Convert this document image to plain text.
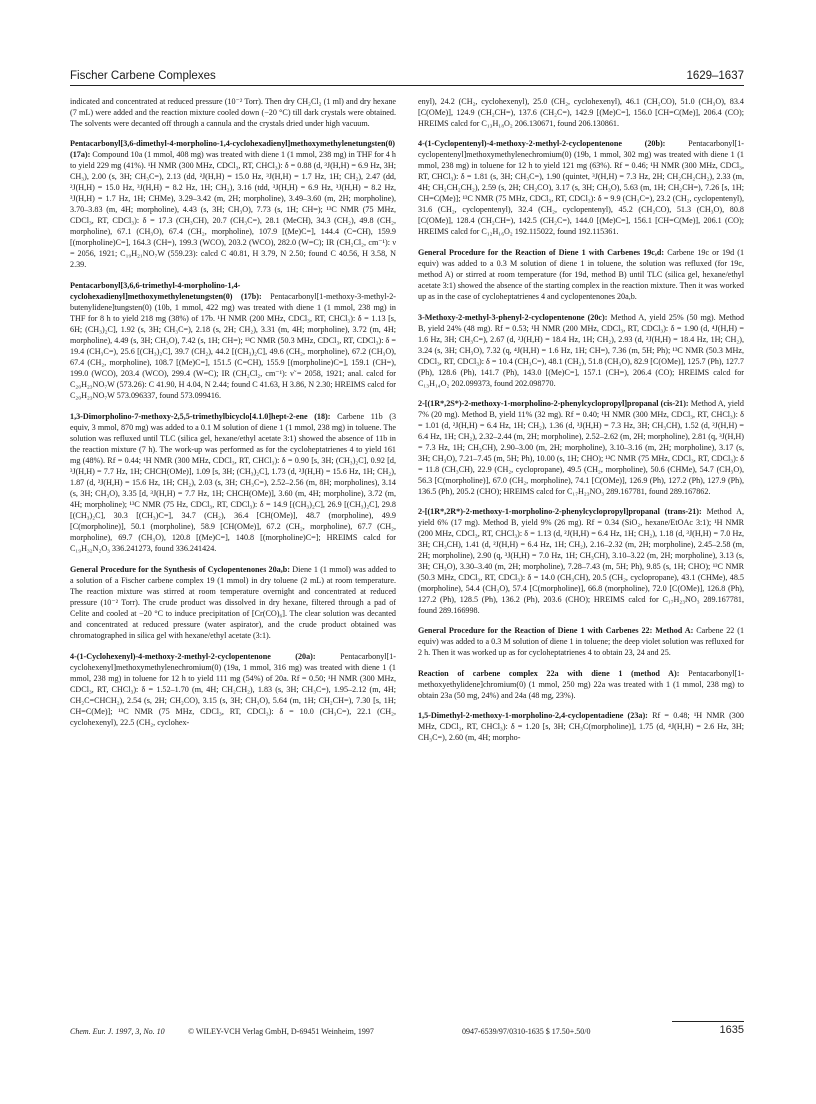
Fischer Carbene Complexes	1629–1637

indicated and concentrated at reduced pressure (10⁻² Torr). Then dry CH₂Cl₂ (1 ml) and dry hexane (7 mL) were added and the reaction mixture cooled down (−20 °C) till dark crystals were obtained. The solvents were decanted off through a cannula and the crystals dried under high vacuum.

Pentacarbonyl[3,6-dimethyl-4-morpholino-1,4-cyclohexadienyl]methoxymethylenetungsten(0) (17a): Compound 10a (1 mmol, 408 mg) was treated with diene 1 (1 mmol, 238 mg) in THF for 4 h to yield 229 mg (41%). ¹H NMR (300 MHz, CDCl₃, RT, CHCl₃): δ = 0.88 (d, ³J(H,H) = 6.9 Hz, 3H; CH₃), 2.00 (s, 3H; CH₃C=), 2.13 (dd, ²J(H,H) = 15.0 Hz, ³J(H,H) = 1.7 Hz, 1H; CH₂), 2.47 (dd, ²J(H,H) = 15.0 Hz, ³J(H,H) = 8.2 Hz, 1H; CH₂), 3.16 (tdd, ³J(H,H) = 6.9 Hz, ³J(H,H) = 8.2 Hz, ³J(H,H) = 1.7 Hz, 1H; CHMe), 3.29–3.42 (m, 2H; morpholine), 3.49–3.60 (m, 2H; morpholine), 3.70–3.83 (m, 4H; morpholine), 4.43 (s, 3H; CH₃O), 7.73 (s, 1H; CH=); ¹³C NMR (75 MHz, CDCl₃, RT, CDCl₃): δ = 17.3 (CH₃CH), 20.7 (CH₃C=), 28.1 (MeCH), 34.3 (CH₂), 49.8 (CH₂, morpholine), 67.1 (CH₃O), 67.4 (CH₂, morpholine), 107.9 [(Me)C=], 144.4 (C=CH), 159.9 [(morpholine)C=], 164.3 (CH=), 199.3 (WCO), 203.2 (WCO), 282.0 (W=C); IR (CH₂Cl₂, cm⁻¹): ν̃ = 2056, 1921; C₁₉H₂₁NO₇W (559.23): calcd C 40.81, H 3.79, N 2.50; found C 40.56, H 3.58, N 2.39.

Pentacarbonyl[3,6,6-trimethyl-4-morpholino-1,4-cyclohexadienyl]methoxymethylenetungsten(0) (17b): Pentacarbonyl[1-methoxy-3-methyl-2-butenylidene]tungsten(0) (10b, 1 mmol, 422 mg) was treated with diene 1 (1 mmol, 238 mg) in THF for 8 h to yield 218 mg (38%) of 17b. ¹H NMR (200 MHz, CDCl₃, RT, CHCl₃): δ = 1.13 [s, 6H; (CH₃)₂C], 1.92 (s, 3H; CH₃C=), 2.18 (s, 2H; CH₂), 3.31 (m, 4H; morpholine), 3.72 (m, 4H; morpholine), 4.49 (s, 3H; CH₃O), 7.42 (s, 1H; CH=); ¹³C NMR (50.3 MHz, CDCl₃, RT, CDCl₃): δ = 19.4 (CH₃C=), 25.6 [(CH₃)₂C], 39.7 (CH₂), 44.2 [(CH₃)₂C], 49.6 (CH₂, morpholine), 67.2 (CH₃O), 67.4 (CH₂, morpholine), 108.7 [(Me)C=], 151.5 (C=CH), 155.9 [(morpholine)C=], 159.1 (CH=), 199.0 (WCO), 203.4 (WCO), 299.4 (W=C); IR (CH₂Cl₂, cm⁻¹): ν̃ = 2058, 1921; anal. calcd for C₂₀H₂₃NO₇W (573.26): C 41.90, H 4.04, N 2.44; found C 41.63, H 3.86, N 2.30; HREIMS calcd for C₂₀H₂₃NO₇W 573.096337, found 573.099416.

1,3-Dimorpholino-7-methoxy-2,5,5-trimethylbicyclo[4.1.0]hept-2-ene (18): Carbene 11b (3 equiv, 3 mmol, 870 mg) was added to a 0.1 M solution of diene 1 (1 mmol, 238 mg) in toluene. The solution was refluxed until TLC (silica gel, hexane/ethyl acetate 3:1) showed the absence of 11b in the reaction mixture (7 h). The work-up was performed as for the cycloheptatrienes 4 to yield 161 mg (48%). Rf = 0.44; ¹H NMR (300 MHz, CDCl₃, RT, CHCl₃): δ = 0.90 [s, 3H; (CH₃)₂C], 0.92 [d, ³J(H,H) = 7.7 Hz, 1H; CHCH(OMe)], 1.09 [s, 3H; (CH₃)₂C], 1.73 (d, ²J(H,H) = 15.6 Hz, 1H; CH₂), 1.87 (d, ²J(H,H) = 15.6 Hz, 1H; CH₂), 2.03 (s, 3H; CH₃C=), 2.52–2.56 (m, 8H; morpholines), 3.14 (s, 3H; CH₃O), 3.35 [d, ³J(H,H) = 7.7 Hz, 1H; CHCH(OMe)], 3.60 (m, 4H; morpholine), 3.72 (m, 4H; morpholine); ¹³C NMR (75 Hz, CDCl₃, RT, CDCl₃): δ = 14.9 [(CH₃)₂C], 26.9 [(CH₃)₂C], 29.8 [(CH₃)₂C], 30.3 [(CH₃)C=], 34.7 (CH₂), 36.4 [CH(OMe)], 48.7 (morpholine), 49.9 [C(morpholine)], 50.1 (morpholine), 58.9 [CH(OMe)], 67.2 (CH₂, morpholine), 67.7 (CH₂, morpholine), 69.7 (CH₃O), 120.8 [(Me)C=], 140.8 [(morpholine)C=]; HREIMS calcd for C₁₉H₃₂N₂O₃ 336.241273, found 336.241424.

General Procedure for the Synthesis of Cyclopentenones 20a,b: Diene 1 (1 mmol) was added to a solution of a Fischer carbene complex 19 (1 mmol) in dry toluene (2 mL) at room temperature. The reaction mixture was stirred at room temperature overnight and concentrated at reduced pressure (10⁻² Torr). The crude product was dissolved in dry hexane, filtered through a pad of Celite and cooled at −20 °C to induce precipitation of [Cr(CO)₆]. The clear solution was decanted and concentrated at reduced pressure (water aspirator), and the crude product obtained was chromatographed in silica gel with hexane/ethyl acetate (3:1).

4-(1-Cyclohexenyl)-4-methoxy-2-methyl-2-cyclopentenone (20a):	Pentacarbonyl[1-cyclohexenyl]methoxymethylenechromium(0) (19a, 1 mmol, 316 mg) was treated with diene 1 (1 mmol, 238 mg) in toluene for 12 h to yield 111 mg (54%) of 20a. Rf = 0.50; ¹H NMR (300 MHz, CDCl₃, RT, CHCl₃): δ = 1.52–1.70 (m, 4H; CH₂CH₂), 1.83 (s, 3H; CH₃C=), 1.95–2.12 (m, 4H; CH₂C=CHCH₂), 2.54 (s, 2H; CH₂CO), 3.15 (s, 3H; CH₃O), 5.64 (m, 1H; CH₂CH=), 7.30 [s, 1H; CH=C(Me)]; ¹³C NMR (75 MHz, CDCl₃, RT, CDCl₃): δ = 10.0 (CH₃C=), 22.1 (CH₂, cyclohexenyl), 22.5 (CH₂, cyclohex-

enyl), 24.2 (CH₂, cyclohexenyl), 25.0 (CH₂, cyclohexenyl), 46.1 (CH₂CO), 51.0 (CH₃O), 83.4 [C(OMe)], 124.9 (CH₂CH=), 137.6 (CH₂C=), 142.9 [(Me)C=], 156.0 [CH=C(Me)], 206.4 (CO); HREIMS calcd for C₁₃H₁₈O₂ 206.130671, found 206.130861.

4-(1-Cyclopentenyl)-4-methoxy-2-methyl-2-cyclopentenone (20b):	Pentacarbonyl[1-cyclopentenyl]methoxymethylenechromium(0) (19b, 1 mmol, 302 mg) was treated with diene 1 (1 mmol, 238 mg) in toluene for 12 h to yield 121 mg (63%). Rf = 0.46; ¹H NMR (300 MHz, CDCl₃, RT, CHCl₃): δ = 1.81 (s, 3H; CH₃C=), 1.90 (quintet, ³J(H,H) = 7.3 Hz, 2H; CH₂CH₂CH₂), 2.33 (m, 4H; CH₂CH₂CH₂), 2.59 (s, 2H; CH₂CO), 3.17 (s, 3H; CH₃O), 5.63 (m, 1H; CH₂CH=), 7.26 [s, 1H; CH=C(Me)]; ¹³C NMR (75 MHz, CDCl₃, RT, CDCl₃): δ = 9.9 (CH₃C=), 23.2 (CH₂, cyclopentenyl), 31.6 (CH₂, cyclopentenyl), 32.4 (CH₂, cyclopentenyl), 45.2 (CH₂CO), 51.3 (CH₃O), 80.8 [C(OMe)], 128.4 (CH₂CH=), 142.5 (CH₂C=), 144.0 [(Me)C=], 156.1 [CH=C(Me)], 206.1 (CO); HREIMS calcd for C₁₂H₁₆O₂ 192.115022, found 192.115361.

General Procedure for the Reaction of Diene 1 with Carbenes 19c,d: Carbene 19c or 19d (1 equiv) was added to a 0.3 M solution of diene 1 in toluene, the solution was refluxed (for 19c, method A) or stirred at room temperature (for 19d, method B) until TLC (silica gel, hexane/ethyl acetate 3:1) showed the absence of the starting complex in the reaction mixture. Then it was worked up as in the case of cycloheptatrienes 4 and cyclopentenones 20a,b.

3-Methoxy-2-methyl-3-phenyl-2-cyclopentenone (20c): Method A, yield 25% (50 mg). Method B, yield 24% (48 mg). Rf = 0.53; ¹H NMR (200 MHz, CDCl₃, RT, CDCl₃): δ = 1.90 (d, ⁴J(H,H) = 1.6 Hz, 3H; CH₃C=), 2.67 (d, ²J(H,H) = 18.4 Hz, 1H; CH₂), 2.93 (d, ²J(H,H) = 18.4 Hz, 1H; CH₂), 3.24 (s, 3H; CH₃O), 7.32 (q, ⁴J(H,H) = 1.6 Hz, 1H; CH=), 7.36 (m, 5H; Ph); ¹³C NMR (50.3 MHz, CDCl₃, RT, CDCl₃): δ = 10.4 (CH₃C=), 48.1 (CH₂), 51.8 (CH₃O), 82.9 [C(OMe)], 125.7 (Ph), 127.7 (Ph), 128.6 (Ph), 141.7 (Ph), 143.0 [(Me)C=], 157.1 (CH=), 206.4 (CO); HREIMS calcd for C₁₃H₁₄O₂ 202.099373, found 202.098770.

2-[(1R*,2S*)-2-methoxy-1-morpholino-2-phenylcyclopropyl]propanal (cis-21): Method A, yield 7% (20 mg). Method B, yield 11% (32 mg). Rf = 0.40; ¹H NMR (300 MHz, CDCl₃, RT, CHCl₃): δ = 1.01 (d, ²J(H,H) = 6.4 Hz, 1H; CH₂), 1.36 (d, ³J(H,H) = 7.3 Hz, 3H; CH₃CH), 1.52 (d, ²J(H,H) = 6.4 Hz, 1H; CH₂), 2.32–2.44 (m, 2H; morpholine), 2.52–2.62 (m, 2H; morpholine), 2.81 (q, ³J(H,H) = 7.3 Hz, 1H; CH₃CH), 2.90–3.00 (m, 2H; morpholine), 3.10–3.16 (m, 2H; morpholine), 3.17 (s, 3H; CH₃O), 7.21–7.45 (m, 5H; Ph), 10.00 (s, 1H; CHO); ¹³C NMR (75 MHz, CDCl₃, RT, CDCl₃): δ = 11.8 (CH₃CH), 22.9 (CH₂, cyclopropane), 49.5 (CH₂, morpholine), 50.6 (CHMe), 54.7 (CH₃O), 56.3 [C(morpholine)], 67.0 (CH₂, morpholine), 74.1 [C(OMe)], 126.9 (Ph), 127.2 (Ph), 127.9 (Ph), 136.5 (Ph), 205.2 (CHO); HREIMS calcd for C₁₇H₂₃NO₃ 289.167781, found 289.167862.

2-[(1R*,2R*)-2-methoxy-1-morpholino-2-phenylcyclopropyl]propanal (trans-21): Method A, yield 6% (17 mg). Method B, yield 9% (26 mg). Rf = 0.34 (SiO₂, hexane/EtOAc 3:1); ¹H NMR (200 MHz, CDCl₃, RT, CHCl₃): δ = 1.13 (d, ²J(H,H) = 6.4 Hz, 1H; CH₂), 1.18 (d, ³J(H,H) = 7.0 Hz, 3H; CH₃CH), 1.41 (d, ²J(H,H) = 6.4 Hz, 1H; CH₂), 2.16–2.32 (m, 2H; morpholine), 2.45–2.58 (m, 2H; morpholine), 2.90 (q, ³J(H,H) = 7.0 Hz, 1H; CH₃CH), 3.10–3.22 (m, 2H; morpholine), 3.13 (s, 3H; CH₃O), 3.30–3.40 (m, 2H; morpholine), 7.28–7.43 (m, 5H; Ph), 9.85 (s, 1H; CHO); ¹³C NMR (50.3 MHz, CDCl₃, RT, CDCl₃): δ = 14.0 (CH₃CH), 20.5 (CH₂, cyclopropane), 43.1 (CHMe), 48.5 (morpholine), 54.4 (CH₃O), 57.4 [C(morpholine)], 66.8 (morpholine), 72.0 [C(OMe)], 126.8 (Ph), 127.2 (Ph), 128.5 (Ph), 136.2 (Ph), 203.6 (CHO); HREIMS calcd for C₁₇H₂₃NO₃ 289.167781, found 289.166998.

General Procedure for the Reaction of Diene 1 with Carbenes 22: Method A: Carbene 22 (1 equiv) was added to a 0.3 M solution of diene 1 in toluene; the deep violet solution was refluxed for 2 h. Then it was worked up as for cycloheptatrienes 4 to obtain 23, 24 and 25.

Reaction of carbene complex 22a with diene 1 (method A): Pentacarbonyl[1-methoxyethylidene]chromium(0) (1 mmol, 250 mg) 22a was treated with 1 (1 mmol, 238 mg) to obtain 23a (50 mg, 24%) and 24a (48 mg, 23%).

1,5-Dimethyl-2-methoxy-1-morpholino-2,4-cyclopentadiene (23a): Rf = 0.48; ¹H NMR (300 MHz, CDCl₃, RT, CHCl₃): δ = 1.20 [s, 3H; CH₃C(morpholine)], 1.75 (d, ⁴J(H,H) = 2.6 Hz, 3H; CH₃C=), 2.60 (m, 4H; morpho-

Chem. Eur. J. 1997, 3, No. 10	© WILEY-VCH Verlag GmbH, D-69451 Weinheim, 1997	0947-6539/97/0310-1635 $ 17.50+.50/0	1635
